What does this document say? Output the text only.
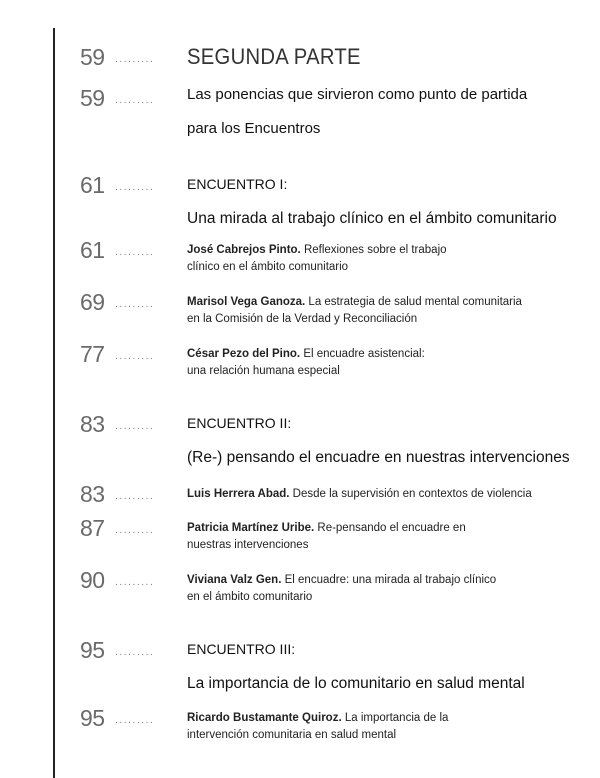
59 ......... SEGUNDA PARTE
59 ......... Las ponencias que sirvieron como punto de partida
para los Encuentros
61 ......... ENCUENTRO I:
Una mirada al trabajo clínico en el ámbito comunitario
61 .........	José Cabrejos Pinto. Reflexiones sobre el trabajo
clínico en el ámbito comunitario
69 .........	Marisol Vega Ganoza. La estrategia de salud mental comunitaria
en la Comisión de la Verdad y Reconciliación
77 .........	César Pezo del Pino. El encuadre asistencial:
una relación humana especial
83 ......... ENCUENTRO II:
(Re-) pensando el encuadre en nuestras intervenciones
83 .........	Luis Herrera Abad. Desde la supervisión en contextos de violencia
87 .........	Patricia Martínez Uribe. Re-pensando el encuadre en
nuestras intervenciones
90 .........	Viviana Valz Gen. El encuadre: una mirada al trabajo clínico
en el ámbito comunitario
95 ......... ENCUENTRO III:
La importancia de lo comunitario en salud mental
95 .........	Ricardo Bustamante Quiroz. La importancia de la
intervención comunitaria en salud mental
